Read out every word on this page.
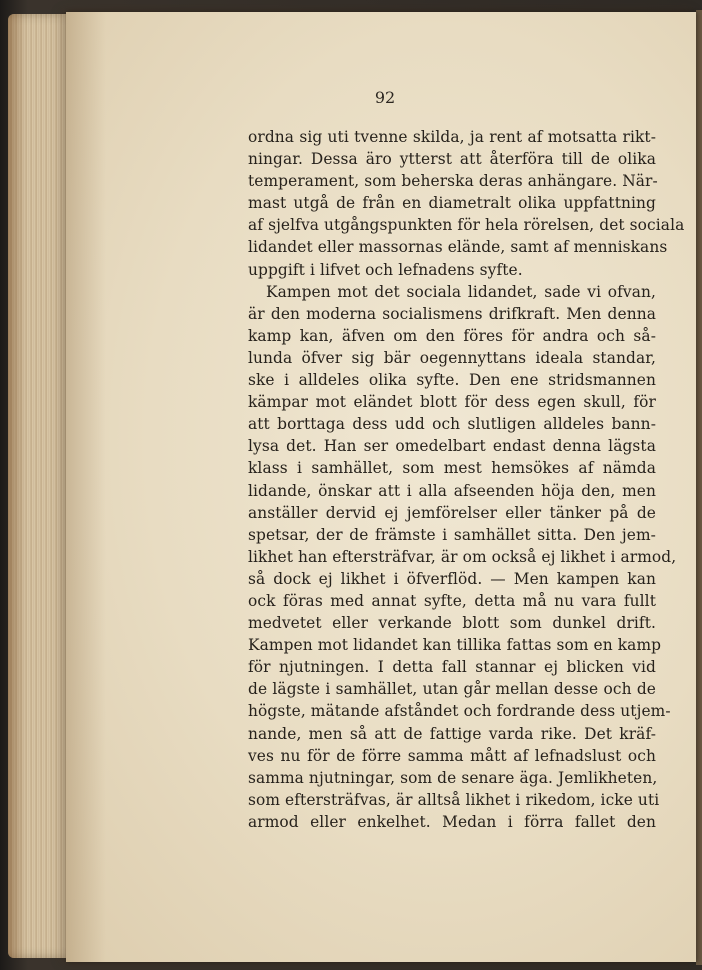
92
ordna sig uti tvenne skilda, ja rent af motsatta rikt-
ningar. Dessa äro ytterst att återföra till de olika
temperament, som beherska deras anhängare. När-
mast utgå de från en diametralt olika uppfattning
af sjelfva utgångspunkten för hela rörelsen, det sociala
lidandet eller massornas elände, samt af menniskans
uppgift i lifvet och lefnadens syfte.
Kampen mot det sociala lidandet, sade vi ofvan,
är den moderna socialismens drifkraft. Men denna
kamp kan, äfven om den föres för andra och så-
lunda öfver sig bär oegennyttans ideala standar,
ske i alldeles olika syfte. Den ene stridsmannen
kämpar mot eländet blott för dess egen skull, för
att borttaga dess udd och slutligen alldeles bann-
lysa det. Han ser omedelbart endast denna lägsta
klass i samhället, som mest hemsökes af nämda
lidande, önskar att i alla afseenden höja den, men
anställer dervid ej jemförelser eller tänker på de
spetsar, der de främste i samhället sitta. Den jem-
likhet han eftersträfvar, är om också ej likhet i armod,
så dock ej likhet i öfverflöd. — Men kampen kan
ock föras med annat syfte, detta må nu vara fullt
medvetet eller verkande blott som dunkel drift.
Kampen mot lidandet kan tillika fattas som en kamp
för njutningen. I detta fall stannar ej blicken vid
de lägste i samhället, utan går mellan desse och de
högste, mätande afståndet och fordrande dess utjem-
nande, men så att de fattige varda rike. Det kräf-
ves nu för de förre samma mått af lefnadslust och
samma njutningar, som de senare äga. Jemlikheten,
som eftersträfvas, är alltså likhet i rikedom, icke uti
armod eller enkelhet. Medan i förra fallet den
